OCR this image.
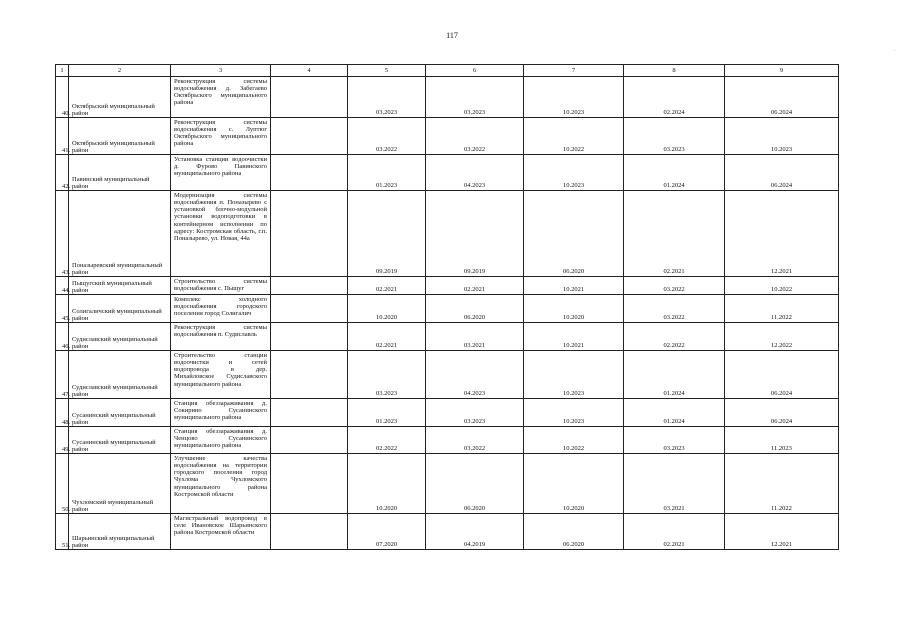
117
·
1	2	3	4	5	6	7	8	9
40.	Октябрьский муниципальный район	Реконструкция системы водоснабжения д. Забегаево Октябрьского муниципального района		03.2023	03.2023	10.2023	02.2024	06.2024
41.	Октябрьский муниципальный район	Реконструкция системы водоснабжения с. Луптюг Октябрьского муниципального района		03.2022	03.2022	10.2022	03.2023	10.2023
42.	Павинский муниципальный район	Установка станции водоочистки д. Фурово Павинского муниципального района		01.2023	04.2023	10.2023	01.2024	06.2024
43.	Поназыревский муниципальный район	Модернизация системы водоснабжения п. Поназырево с установкой блочно-модульной установки водоподготовки в контейнерном исполнении по адресу: Костромская область, г.п. Поназырево, ул. Новая, 44а		09.2019	09.2019	06.2020	02.2021	12.2021
44.	Пыщугский муниципальный район	Строительство системы водоснабжения с. Пыщуг		02.2021	02.2021	10.2021	03.2022	10.2022
45.	Солигаличский муниципальный район	Комплекс холодного водоснабжения городского поселения город Солигалич		10.2020	06.2020	10.2020	03.2022	11.2022
46.	Судиславский муниципальный район	Реконструкция системы водоснабжения п. Судиславль		02.2021	03.2021	10.2021	02.2022	12.2022
47.	Судиславский муниципальный район	Строительство станции водоочистки и сетей водопровода в дер. Михайловское Судиславского муниципального района		03.2023	04.2023	10.2023	01.2024	06.2024
48.	Сусанинский муниципальный район	Станция обеззараживания д. Сокирино Сусанинского муниципального района		01.2023	03.2023	10.2023	01.2024	06.2024
49.	Сусанинский муниципальный район	Станция обеззараживания д. Ченцово Сусанинского муниципального района		02.2022	03.2022	10.2022	03.2023	11.2023
50.	Чухломский муниципальный район	Улучшение качества водоснабжения на территории городского поселения город Чухлома Чухломского муниципального района Костромской области		10.2020	06.2020	10.2020	03.2021	11.2022
51.	Шарьинский муниципальный район	Магистральный водопровод в селе Ивановское Шарьинского района Костромской области		07.2020	04.2019	06.2020	02.2021	12.2021
